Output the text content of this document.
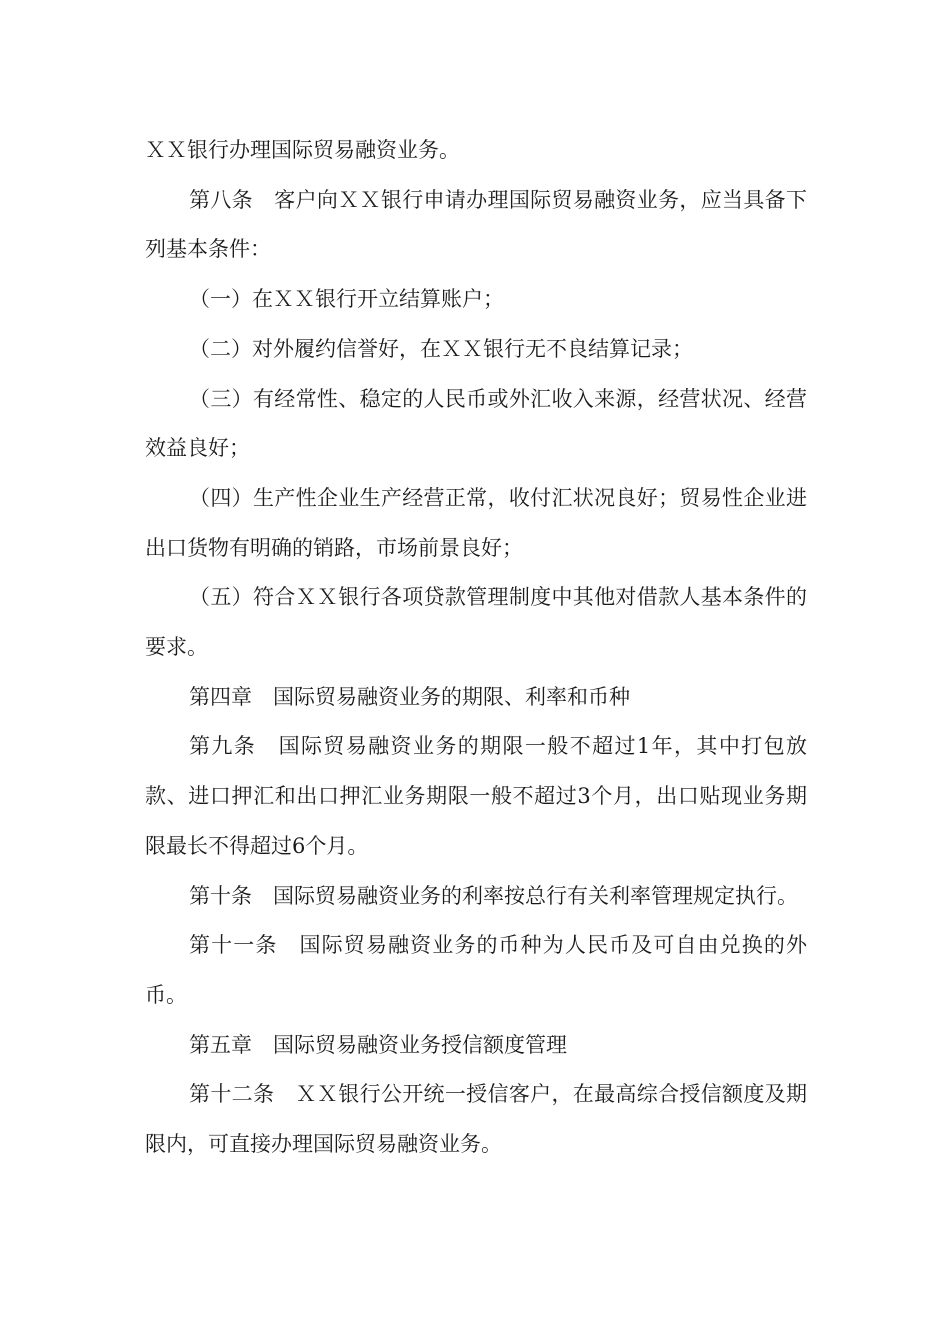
ＸＸ银行办理国际贸易融资业务。

第八条　客户向ＸＸ银行申请办理国际贸易融资业务，应当具备下列基本条件：

（一）在ＸＸ银行开立结算账户；

（二）对外履约信誉好，在ＸＸ银行无不良结算记录；

（三）有经常性、稳定的人民币或外汇收入来源，经营状况、经营效益良好；

（四）生产性企业生产经营正常，收付汇状况良好；贸易性企业进出口货物有明确的销路，市场前景良好；

（五）符合ＸＸ银行各项贷款管理制度中其他对借款人基本条件的要求。

第四章　国际贸易融资业务的期限、利率和币种

第九条　国际贸易融资业务的期限一般不超过1年，其中打包放款、进口押汇和出口押汇业务期限一般不超过3个月，出口贴现业务期限最长不得超过6个月。

第十条　国际贸易融资业务的利率按总行有关利率管理规定执行。

第十一条　国际贸易融资业务的币种为人民币及可自由兑换的外币。

第五章　国际贸易融资业务授信额度管理

第十二条　ＸＸ银行公开统一授信客户，在最高综合授信额度及期限内，可直接办理国际贸易融资业务。
